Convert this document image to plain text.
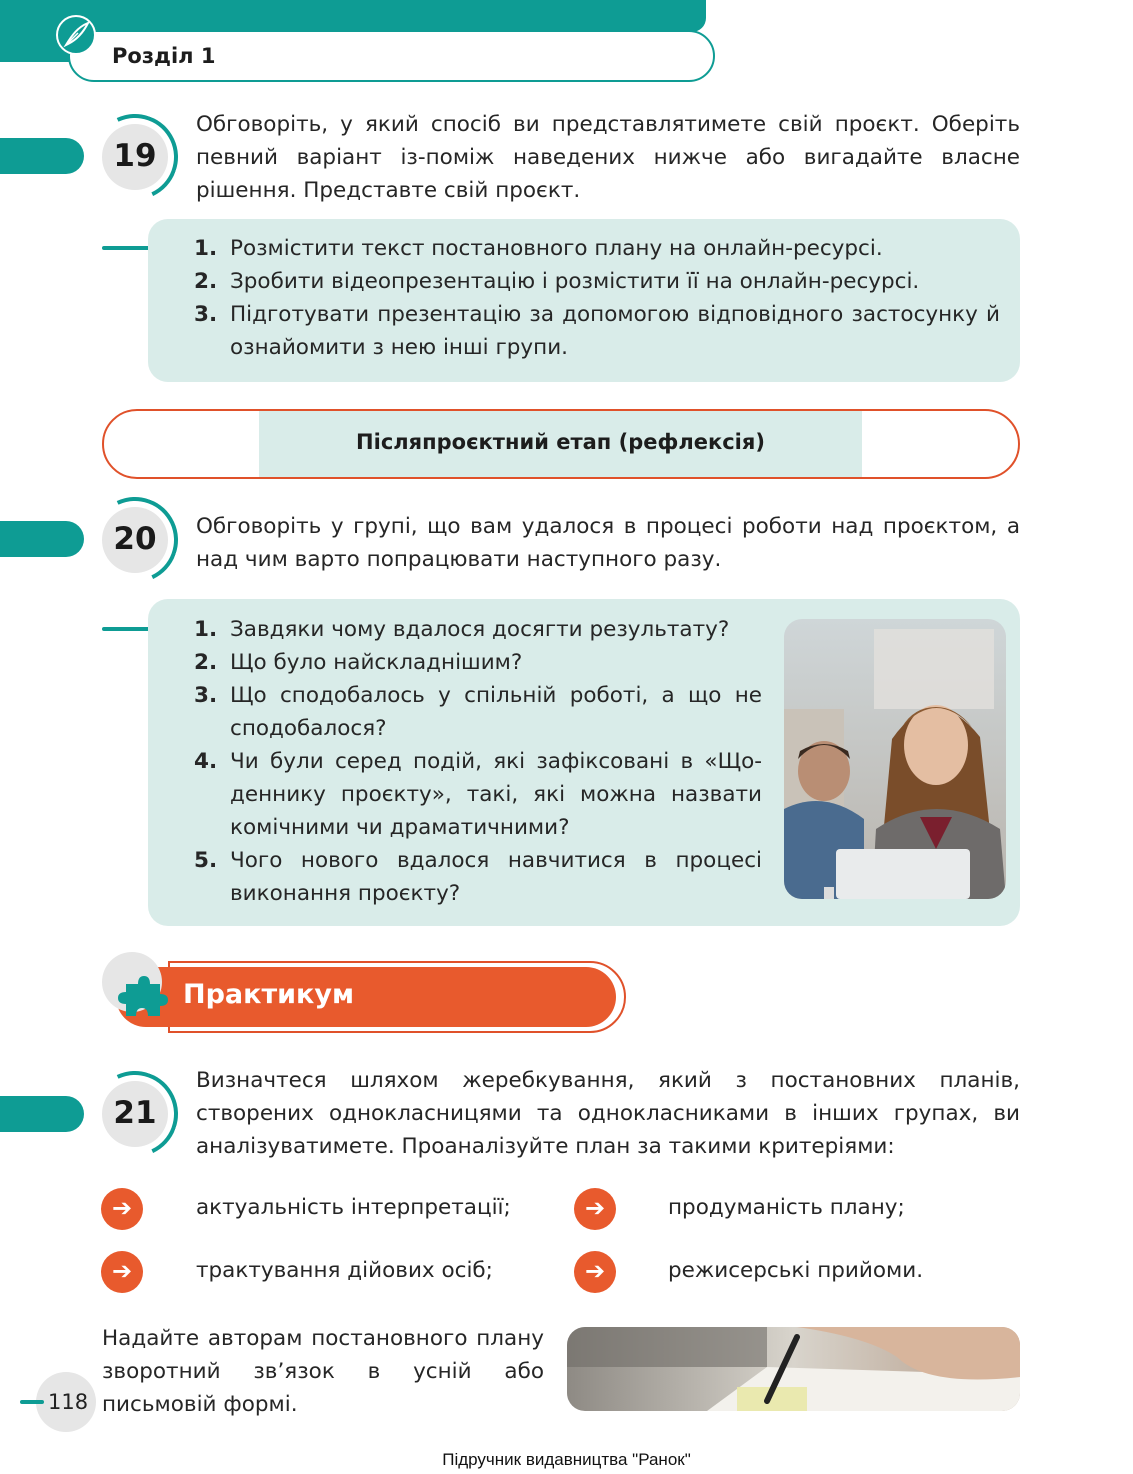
Розділ 1
19
Обговоріть, у який спосіб ви представлятимете свій проєкт. Оберіть певний варіант із-поміж наведених нижче або вигадайте власне рішення. Представте свій проєкт.
1. Розмістити текст постановного плану на онлайн-ресурсі.
2. Зробити відеопрезентацію і розмістити її на онлайн-ресурсі.
3. Підготувати презентацію за допомогою відповідного застосунку й ознайомити з нею інші групи.
Післяпроєктний етап (рефлексія)
20	Обговоріть у групі, що вам удалося в процесі роботи над проєктом, а над чим варто попрацювати наступного разу.
1. Завдяки чому вдалося досягти результату?
2. Що було найскладнішим?
3. Що сподобалось у спільній роботі, а що не сподобалося?
4. Чи були серед подій, які зафіксовані в «Що-деннику проєкту», такі, які можна назвати комічними чи драматичними?
5. Чого нового вдалося навчитися в процесі виконання проєкту?
Практикум
21
Визначтеся шляхом жеребкування, який з постановних планів, створених однокласницями та однокласниками в інших групах, ви аналізуватимете. Проаналізуйте план за такими критеріями:
➔	актуальність інтерпретації;	➔	продуманість плану;
➔	трактування дійових осіб;	➔	режисерські прийоми.
Надайте авторам постановного плану зворотний зв’язок в усній або письмовій формі.
118
Підручник видавництва "Ранок"
